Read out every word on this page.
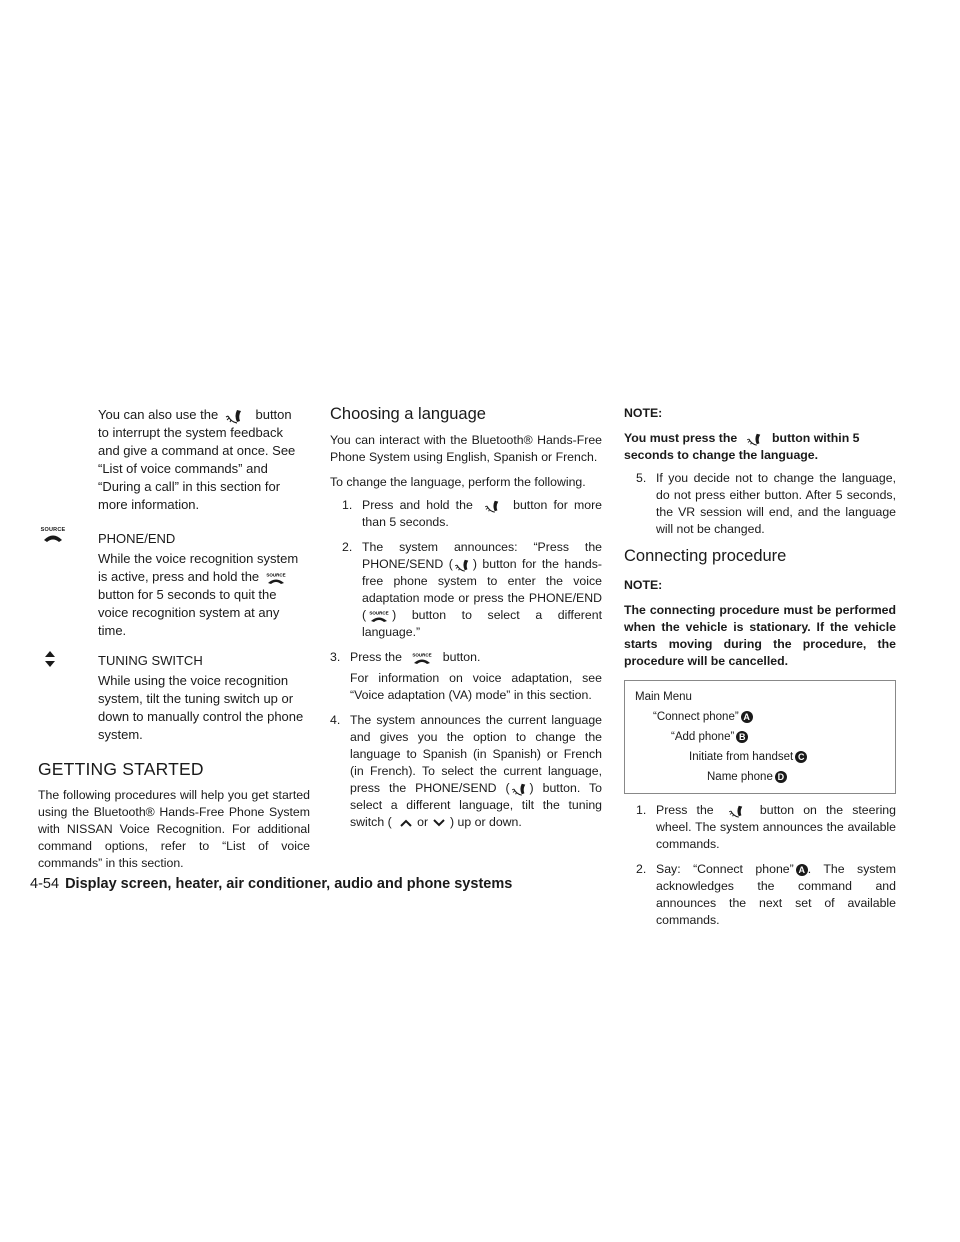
You can also use the	button
to interrupt the system feedback and give a command at once. See “List of voice commands” and “During a call” in this section for more information.
SOURCE
PHONE/END
While the voice recognition system is active, press and hold the SOURCE
button for 5 seconds to quit the voice recognition system at any time.
TUNING SWITCH
While using the voice recognition system, tilt the tuning switch up or down to manually control the phone system.
GETTING STARTED
The following procedures will help you get started using the Bluetooth® Hands-Free Phone System with NISSAN Voice Recognition. For additional command options, refer to “List of voice commands” in this section.
Choosing a language
You can interact with the Bluetooth® Hands-Free Phone System using English, Spanish or French.
To change the language, perform the following.
1. Press and hold the	button for more than 5 seconds.
2. The system announces: “Press the PHONE/SEND ( ) button for the hands-free phone system to enter the voice adaptation mode or press the PHONE/END ( SOURCE ) button to select a different language.”
3. Press the SOURCE button.
For information on voice adaptation, see “Voice adaptation (VA) mode” in this section.
4. The system announces the current language and gives you the option to change the language to Spanish (in Spanish) or French (in French). To select the current language, press the PHONE/SEND ( ) button. To select a different language, tilt the tuning switch ( or ) up or down.
NOTE:
You must press the	button within 5 seconds to change the language.
5. If you decide not to change the language, do not press either button. After 5 seconds, the VR session will end, and the language will not be changed.
Connecting procedure
NOTE:
The connecting procedure must be performed when the vehicle is stationary. If the vehicle starts moving during the procedure, the procedure will be cancelled.
Main Menu
“Connect phone” A
“Add phone” B
Initiate from handset C
Name phone D
1. Press the	button on the steering wheel. The system announces the available commands.
2. Say: “Connect phone” A . The system acknowledges the command and announces the next set of available commands.
4-54 Display screen, heater, air conditioner, audio and phone systems
